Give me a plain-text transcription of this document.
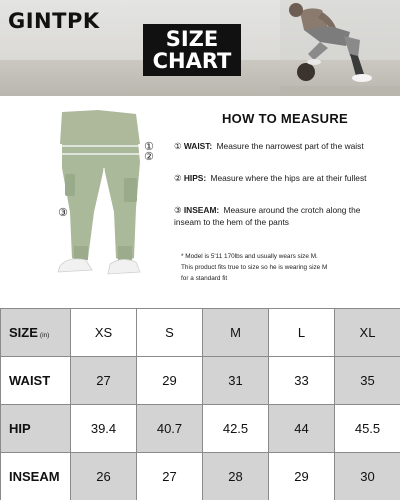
GINTPK
SIZE
CHART
①
②
③
HOW TO MEASURE
① WAIST: Measure the narrowest part of the waist
② HIPS: Measure where the hips are at their fullest
③ INSEAM: Measure around the crotch along the inseam to the hem of the pants
* Model is 5'11 170lbs and usually wears size M.
This product fits true to size so he is wearing size M
for a standard fit
SIZE (in)	XS	S	M	L	XL
WAIST	27	29	31	33	35
HIP	39.4	40.7	42.5	44	45.5
INSEAM	26	27	28	29	30
